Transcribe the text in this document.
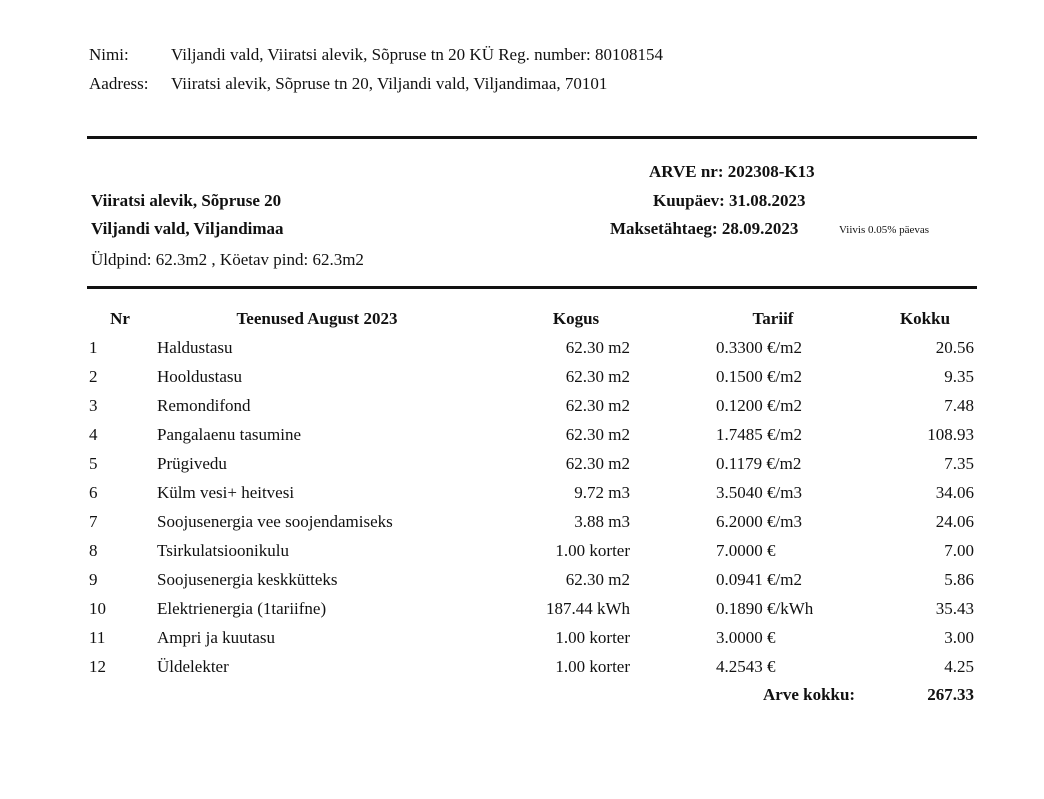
Nimi: Viljandi vald, Viiratsi alevik, Sõpruse tn 20 KÜ Reg. number: 80108154
Aadress: Viiratsi alevik, Sõpruse tn 20, Viljandi vald, Viljandimaa, 70101
ARVE nr: 202308-K13
Kuupäev: 31.08.2023
Maksetähtaeg: 28.09.2023	Viivis 0.05% päevas
Viiratsi alevik, Sõpruse 20
Viljandi vald, Viljandimaa
Üldpind: 62.3m2 , Köetav pind: 62.3m2
Nr	Teenused August 2023	Kogus	Tariif	Kokku
1	Haldustasu	62.30 m2	0.3300 €/m2	20.56
2	Hooldustasu	62.30 m2	0.1500 €/m2	9.35
3	Remondifond	62.30 m2	0.1200 €/m2	7.48
4	Pangalaenu tasumine	62.30 m2	1.7485 €/m2	108.93
5	Prügivedu	62.30 m2	0.1179 €/m2	7.35
6	Külm vesi+ heitvesi	9.72 m3	3.5040 €/m3	34.06
7	Soojusenergia vee soojendamiseks	3.88 m3	6.2000 €/m3	24.06
8	Tsirkulatsioonikulu	1.00 korter	7.0000 €	7.00
9	Soojusenergia keskkütteks	62.30 m2	0.0941 €/m2	5.86
10	Elektrienergia (1tariifne)	187.44 kWh	0.1890 €/kWh	35.43
11	Ampri ja kuutasu	1.00 korter	3.0000 €	3.00
12	Üldelekter	1.00 korter	4.2543 €	4.25
Arve kokku:	267.33
